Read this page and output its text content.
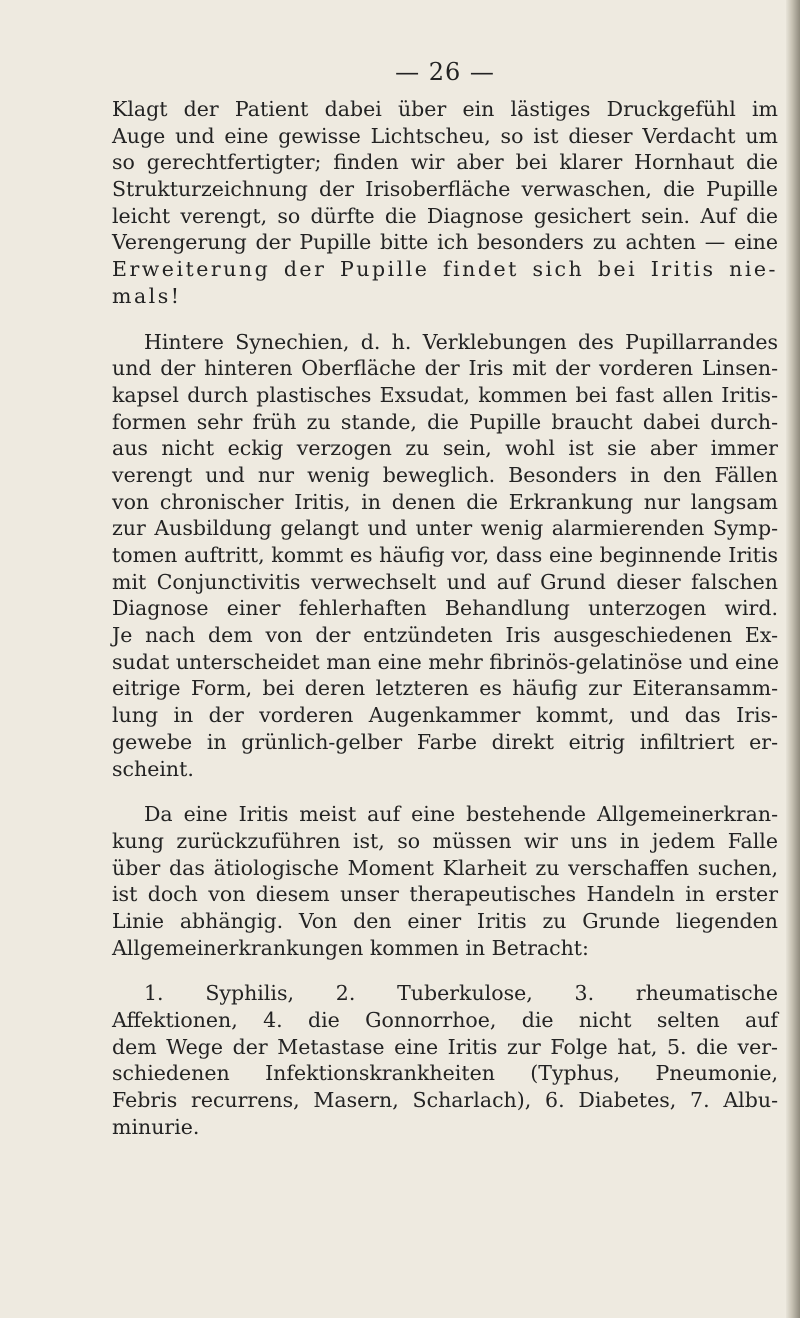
— 26 —
Klagt der Patient dabei über ein lästiges Druckgefühl im
Auge und eine gewisse Lichtscheu, so ist dieser Verdacht um
so gerechtfertigter; finden wir aber bei klarer Hornhaut die
Strukturzeichnung der Irisoberfläche verwaschen, die Pupille
leicht verengt, so dürfte die Diagnose gesichert sein. Auf die
Verengerung der Pupille bitte ich besonders zu achten — eine
Erweiterung der Pupille findet sich bei Iritis nie-
mals!
Hintere Synechien, d. h. Verklebungen des Pupillarrandes
und der hinteren Oberfläche der Iris mit der vorderen Linsen-
kapsel durch plastisches Exsudat, kommen bei fast allen Iritis-
formen sehr früh zu stande, die Pupille braucht dabei durch-
aus nicht eckig verzogen zu sein, wohl ist sie aber immer
verengt und nur wenig beweglich. Besonders in den Fällen
von chronischer Iritis, in denen die Erkrankung nur langsam
zur Ausbildung gelangt und unter wenig alarmierenden Symp-
tomen auftritt, kommt es häufig vor, dass eine beginnende Iritis
mit Conjunctivitis verwechselt und auf Grund dieser falschen
Diagnose einer fehlerhaften Behandlung unterzogen wird.
Je nach dem von der entzündeten Iris ausgeschiedenen Ex-
sudat unterscheidet man eine mehr fibrinös-gelatinöse und eine
eitrige Form, bei deren letzteren es häufig zur Eiteransamm-
lung in der vorderen Augenkammer kommt, und das Iris-
gewebe in grünlich-gelber Farbe direkt eitrig infiltriert er-
scheint.
Da eine Iritis meist auf eine bestehende Allgemeinerkran-
kung zurückzuführen ist, so müssen wir uns in jedem Falle
über das ätiologische Moment Klarheit zu verschaffen suchen,
ist doch von diesem unser therapeutisches Handeln in erster
Linie abhängig. Von den einer Iritis zu Grunde liegenden
Allgemeinerkrankungen kommen in Betracht:
1. Syphilis, 2. Tuberkulose, 3. rheumatische
Affektionen, 4. die Gonnorrhoe, die nicht selten auf
dem Wege der Metastase eine Iritis zur Folge hat, 5. die ver-
schiedenen Infektionskrankheiten (Typhus, Pneumonie,
Febris recurrens, Masern, Scharlach), 6. Diabetes, 7. Albu-
minurie.
